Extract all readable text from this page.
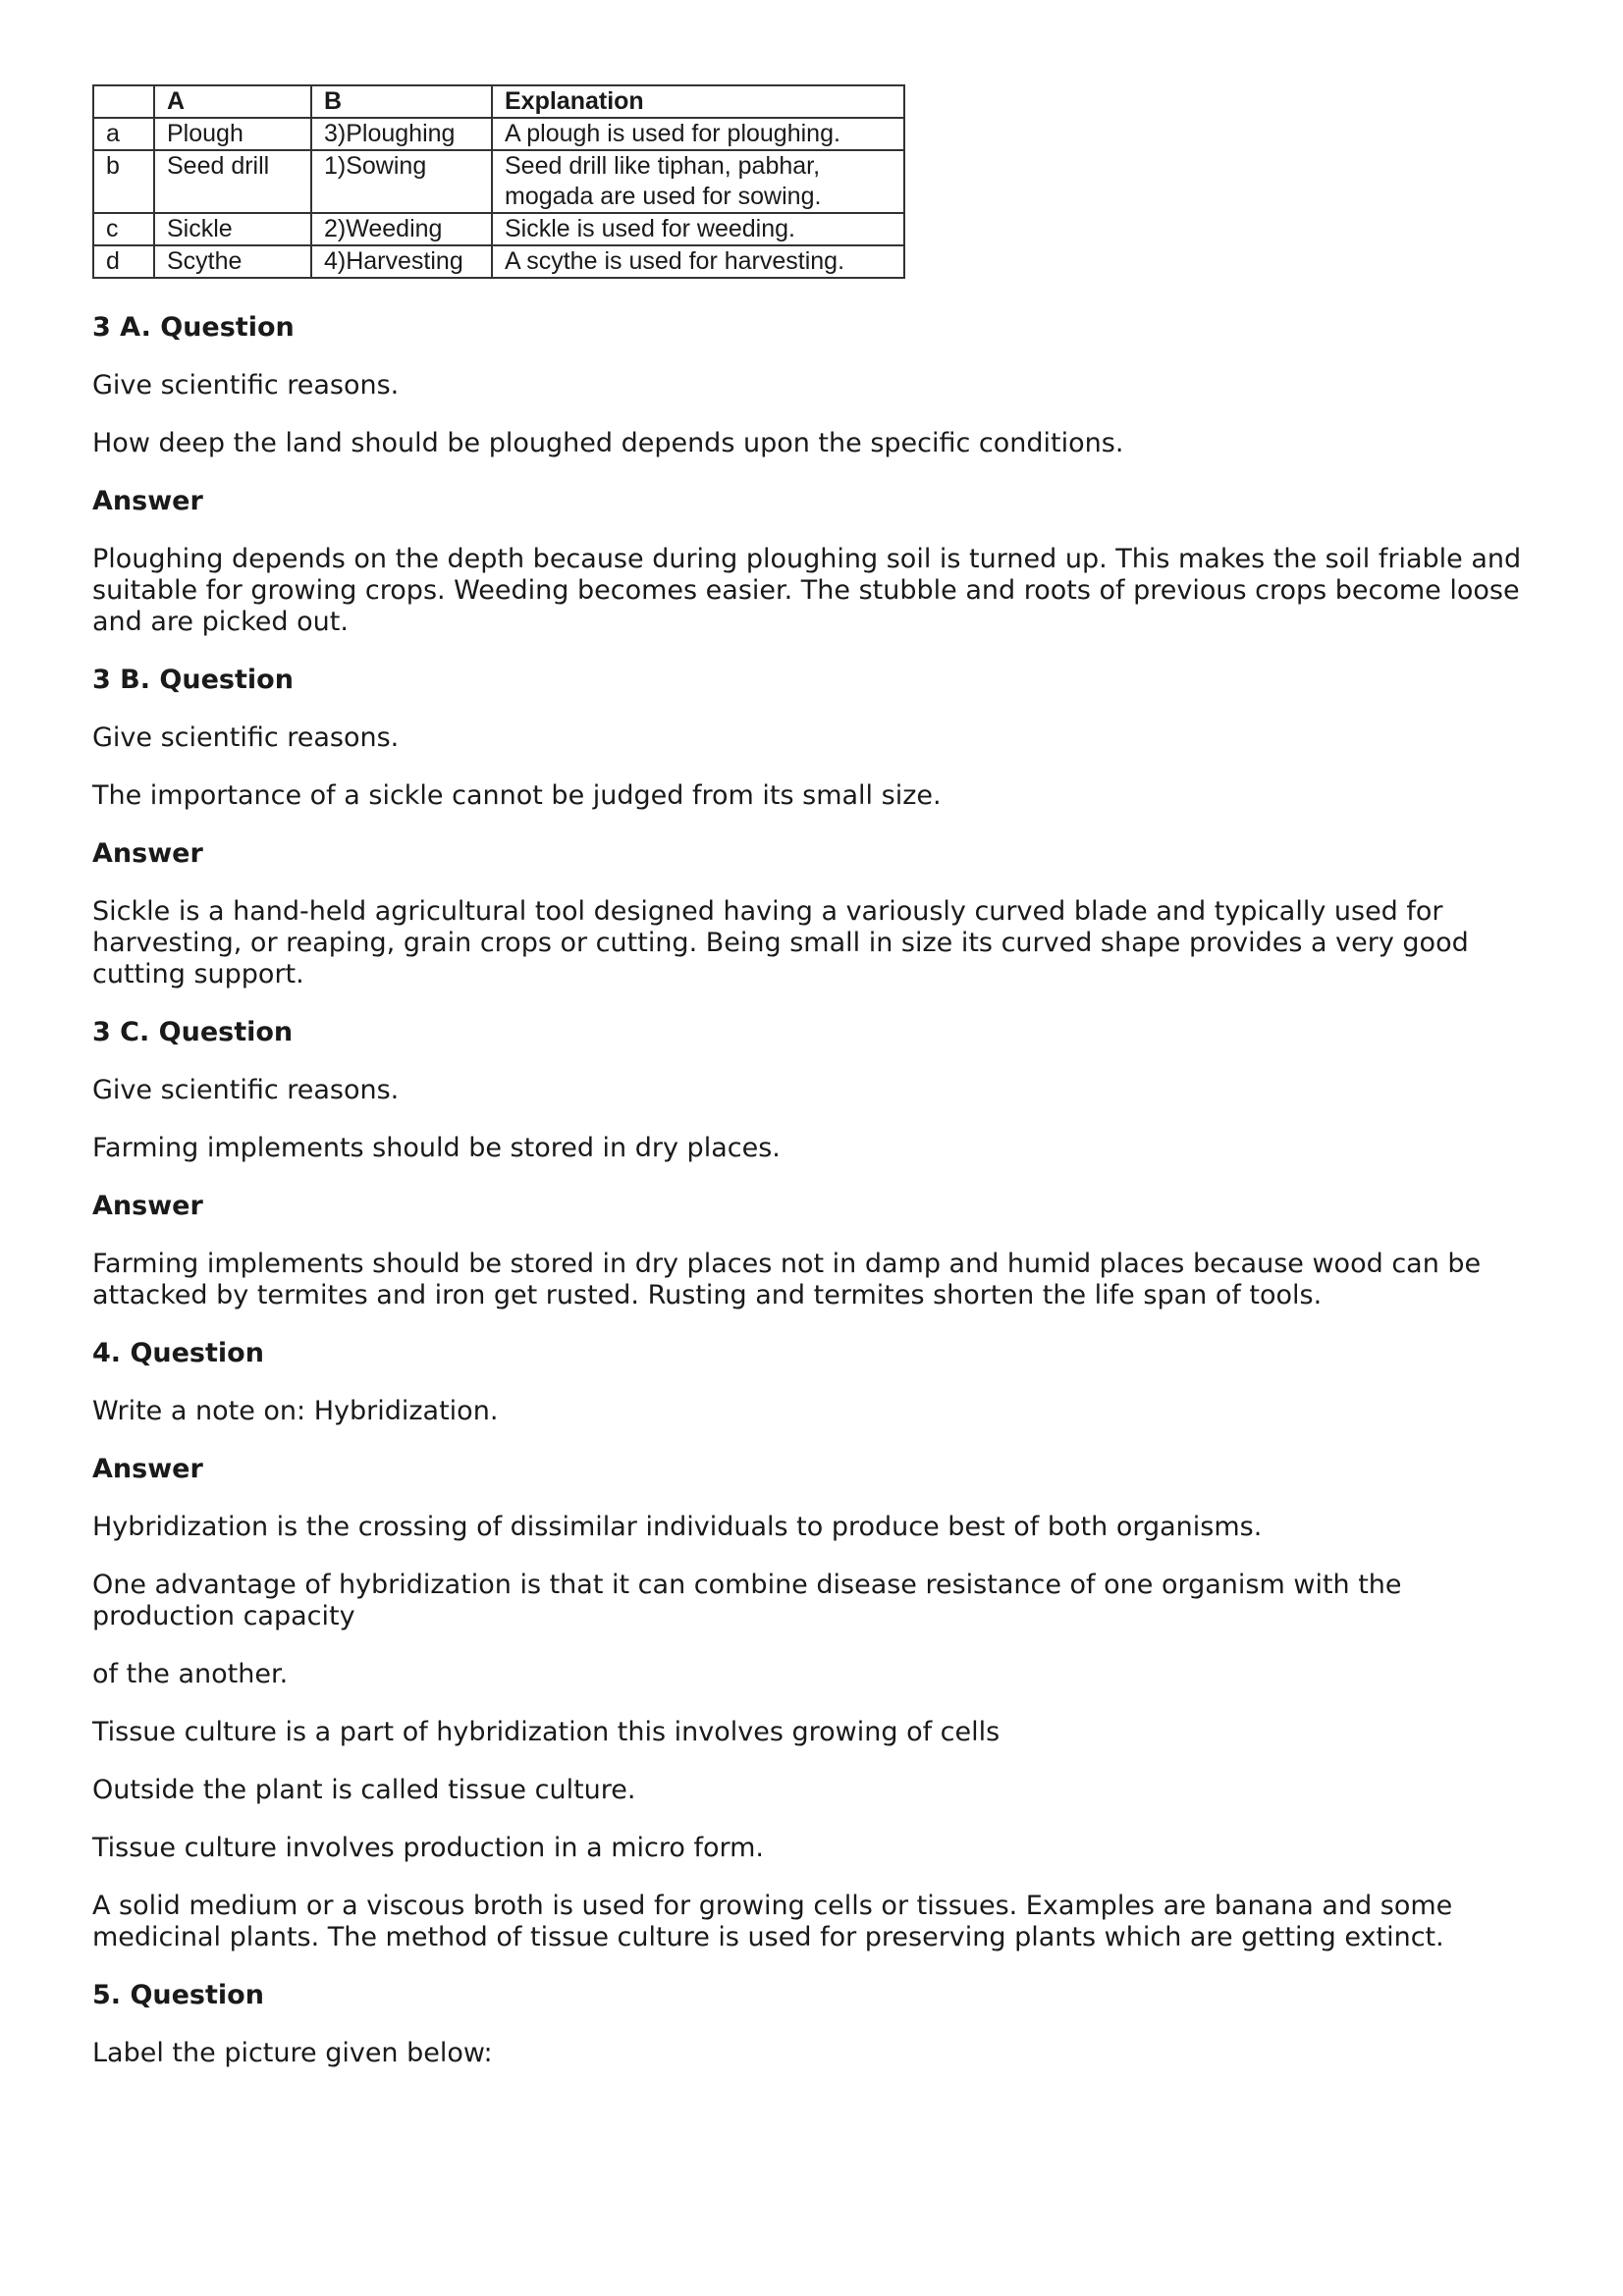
	A	B	Explanation
a	Plough	3)Ploughing	A plough is used for ploughing.
b	Seed drill	1)Sowing	Seed drill like tiphan, pabhar, mogada are used for sowing.
c	Sickle	2)Weeding	Sickle is used for weeding.
d	Scythe	4)Harvesting	A scythe is used for harvesting.

3 A. Question

Give scientific reasons.

How deep the land should be ploughed depends upon the specific conditions.

Answer

Ploughing depends on the depth because during ploughing soil is turned up. This makes the soil friable and suitable for growing crops. Weeding becomes easier. The stubble and roots of previous crops become loose and are picked out.

3 B. Question

Give scientific reasons.

The importance of a sickle cannot be judged from its small size.

Answer

Sickle is a hand-held agricultural tool designed having a variously curved blade and typically used for harvesting, or reaping, grain crops or cutting. Being small in size its curved shape provides a very good cutting support.

3 C. Question

Give scientific reasons.

Farming implements should be stored in dry places.

Answer

Farming implements should be stored in dry places not in damp and humid places because wood can be attacked by termites and iron get rusted. Rusting and termites shorten the life span of tools.

4. Question

Write a note on: Hybridization.

Answer

Hybridization is the crossing of dissimilar individuals to produce best of both organisms.

One advantage of hybridization is that it can combine disease resistance of one organism with the production capacity

of the another.

Tissue culture is a part of hybridization this involves growing of cells

Outside the plant is called tissue culture.

Tissue culture involves production in a micro form.

A solid medium or a viscous broth is used for growing cells or tissues. Examples are banana and some medicinal plants. The method of tissue culture is used for preserving plants which are getting extinct.

5. Question

Label the picture given below:
